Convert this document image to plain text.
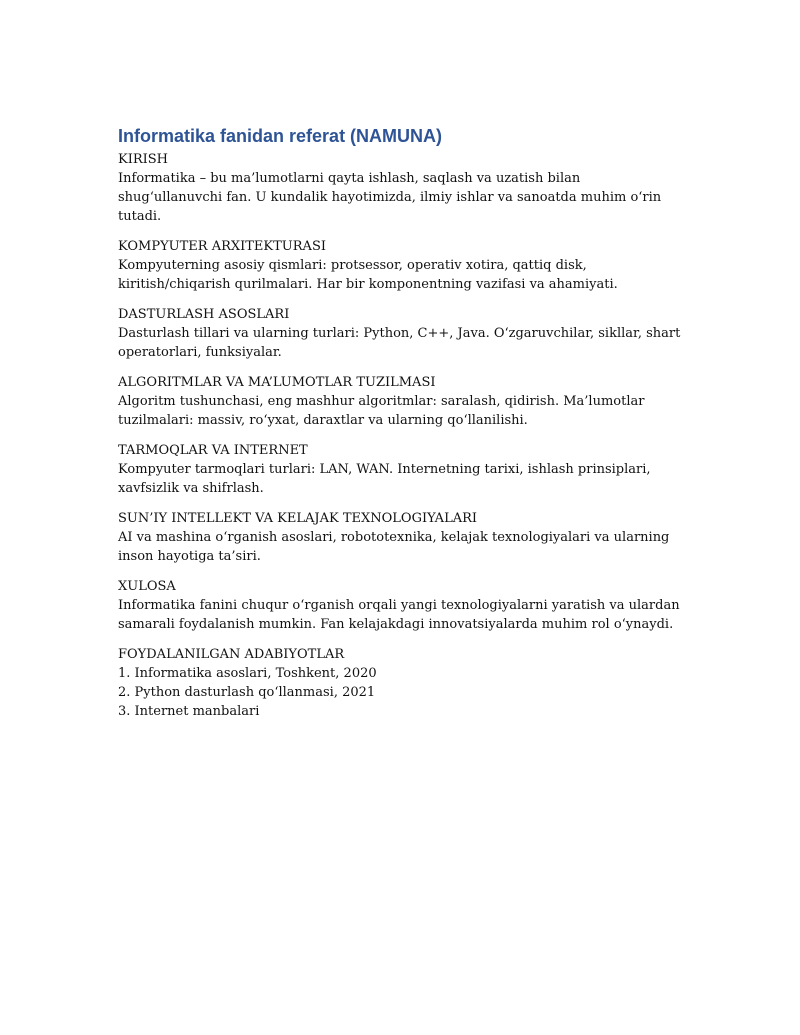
Informatika fanidan referat (NAMUNA)

KIRISH

Informatika – bu ma’lumotlarni qayta ishlash, saqlash va uzatish bilan shug‘ullanuvchi fan. U kundalik hayotimizda, ilmiy ishlar va sanoatda muhim o‘rin tutadi.

KOMPYUTER ARXITEKTURASI

Kompyuterning asosiy qismlari: protsessor, operativ xotira, qattiq disk, kiritish/chiqarish qurilmalari. Har bir komponentning vazifasi va ahamiyati.

DASTURLASH ASOSLARI

Dasturlash tillari va ularning turlari: Python, C++, Java. O‘zgaruvchilar, sikllar, shart operatorlari, funksiyalar.

ALGORITMLAR VA MA’LUMOTLAR TUZILMASI

Algoritm tushunchasi, eng mashhur algoritmlar: saralash, qidirish. Ma’lumotlar tuzilmalari: massiv, ro‘yxat, daraxtlar va ularning qo‘llanilishi.

TARMOQLAR VA INTERNET

Kompyuter tarmoqlari turlari: LAN, WAN. Internetning tarixi, ishlash prinsiplari, xavfsizlik va shifrlash.

SUN’IY INTELLEKT VA KELAJAK TEXNOLOGIYALARI

AI va mashina o‘rganish asoslari, robototexnika, kelajak texnologiyalari va ularning inson hayotiga ta’siri.

XULOSA

Informatika fanini chuqur o‘rganish orqali yangi texnologiyalarni yaratish va ulardan samarali foydalanish mumkin. Fan kelajakdagi innovatsiyalarda muhim rol o‘ynaydi.

FOYDALANILGAN ADABIYOTLAR

1. Informatika asoslari, Toshkent, 2020
2. Python dasturlash qo‘llanmasi, 2021
3. Internet manbalari
